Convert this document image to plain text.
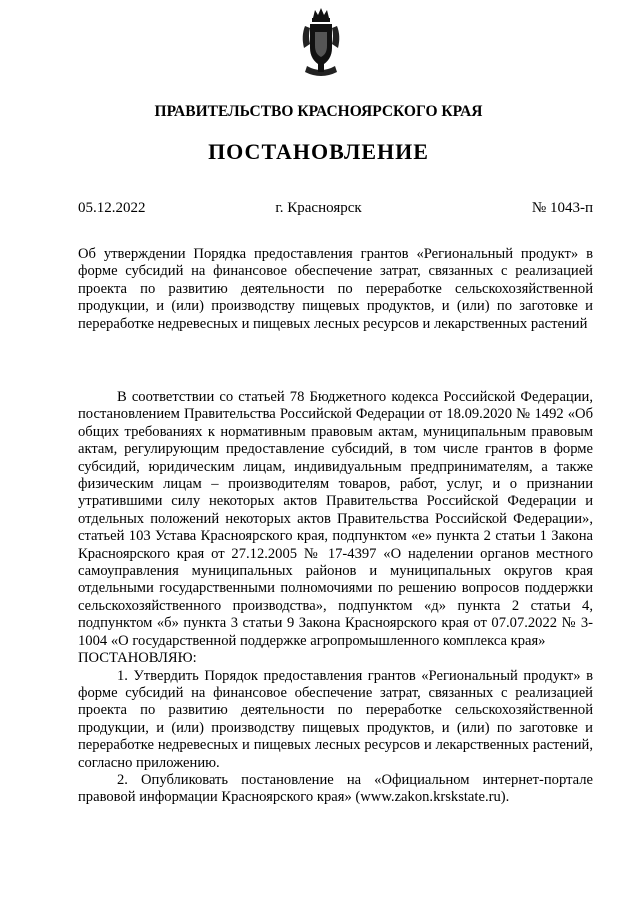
ПРАВИТЕЛЬСТВО КРАСНОЯРСКОГО КРАЯ
ПОСТАНОВЛЕНИЕ
05.12.2022	г. Красноярск	№ 1043-п
Об утверждении Порядка предоставления грантов «Региональный продукт» в форме субсидий на финансовое обеспечение затрат, связанных с реализацией проекта по развитию деятельности по переработке сельскохозяйственной продукции, и (или) производству пищевых продуктов, и (или) по заготовке и переработке недревесных и пищевых лесных ресурсов и лекарственных растений

В соответствии со статьей 78 Бюджетного кодекса Российской Федерации, постановлением Правительства Российской Федерации от 18.09.2020 № 1492 «Об общих требованиях к нормативным правовым актам, муниципальным правовым актам, регулирующим предоставление субсидий, в том числе грантов в форме субсидий, юридическим лицам, индивидуальным предпринимателям, а также физическим лицам – производителям товаров, работ, услуг, и о признании утратившими силу некоторых актов Правительства Российской Федерации и отдельных положений некоторых актов Правительства Российской Федерации», статьей 103 Устава Красноярского края, подпунктом «е» пункта 2 статьи 1 Закона Красноярского края от 27.12.2005 № 17-4397 «О наделении органов местного самоуправления муниципальных районов и муниципальных округов края отдельными государственными полномочиями по решению вопросов поддержки сельскохозяйственного производства», подпунктом «д» пункта 2 статьи 4, подпунктом «б» пункта 3 статьи 9 Закона Красноярского края от 07.07.2022 № 3-1004 «О государственной поддержке агропромышленного комплекса края»

ПОСТАНОВЛЯЮ:

1. Утвердить Порядок предоставления грантов «Региональный продукт» в форме субсидий на финансовое обеспечение затрат, связанных с реализацией проекта по развитию деятельности по переработке сельскохозяйственной продукции, и (или) производству пищевых продуктов, и (или) по заготовке и переработке недревесных и пищевых лесных ресурсов и лекарственных растений, согласно приложению.

2. Опубликовать постановление на «Официальном интернет-портале правовой информации Красноярского края» (www.zakon.krskstate.ru).
